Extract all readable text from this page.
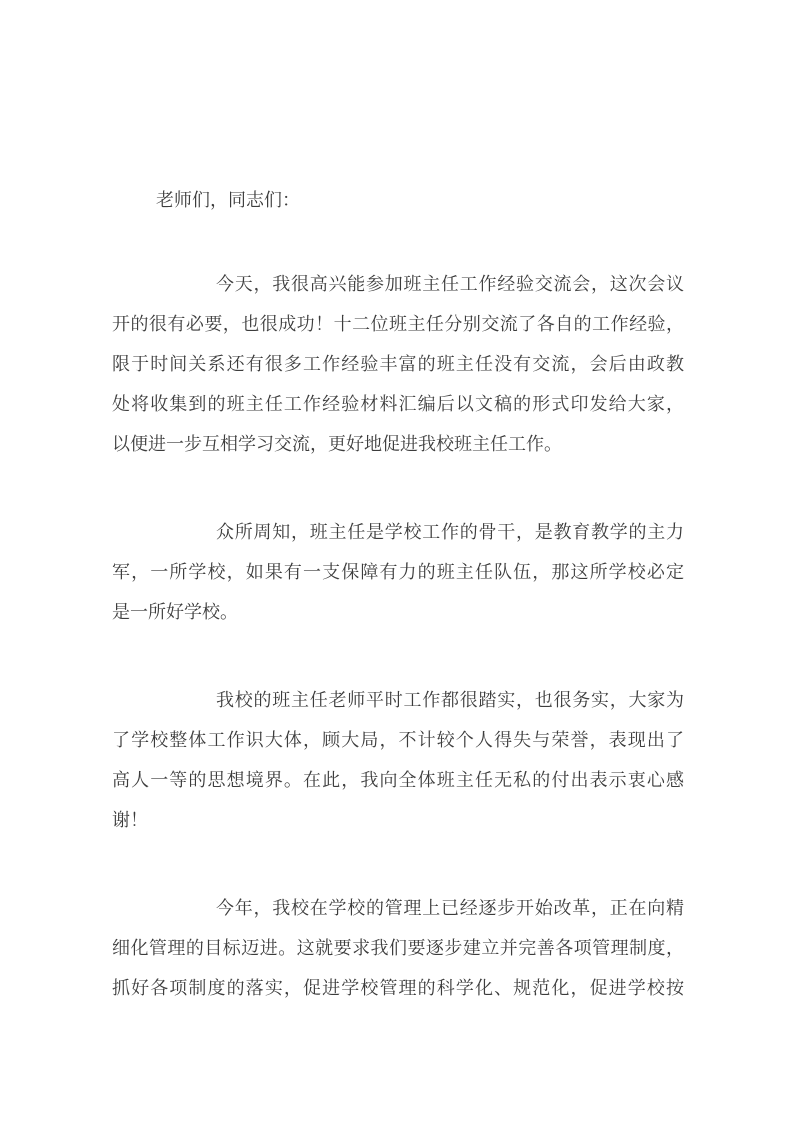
老师们，同志们：

今天，我很高兴能参加班主任工作经验交流会，这次会议
开的很有必要，也很成功！十二位班主任分别交流了各自的工作经验，
限于时间关系还有很多工作经验丰富的班主任没有交流，会后由政教
处将收集到的班主任工作经验材料汇编后以文稿的形式印发给大家，
以便进一步互相学习交流，更好地促进我校班主任工作。
众所周知，班主任是学校工作的骨干，是教育教学的主力
军，一所学校，如果有一支保障有力的班主任队伍，那这所学校必定
是一所好学校。
我校的班主任老师平时工作都很踏实，也很务实，大家为
了学校整体工作识大体，顾大局，不计较个人得失与荣誉，表现出了
高人一等的思想境界。在此，我向全体班主任无私的付出表示衷心感
谢！
今年，我校在学校的管理上已经逐步开始改革，正在向精
细化管理的目标迈进。这就要求我们要逐步建立并完善各项管理制度，
抓好各项制度的落实，促进学校管理的科学化、规范化，促进学校按
